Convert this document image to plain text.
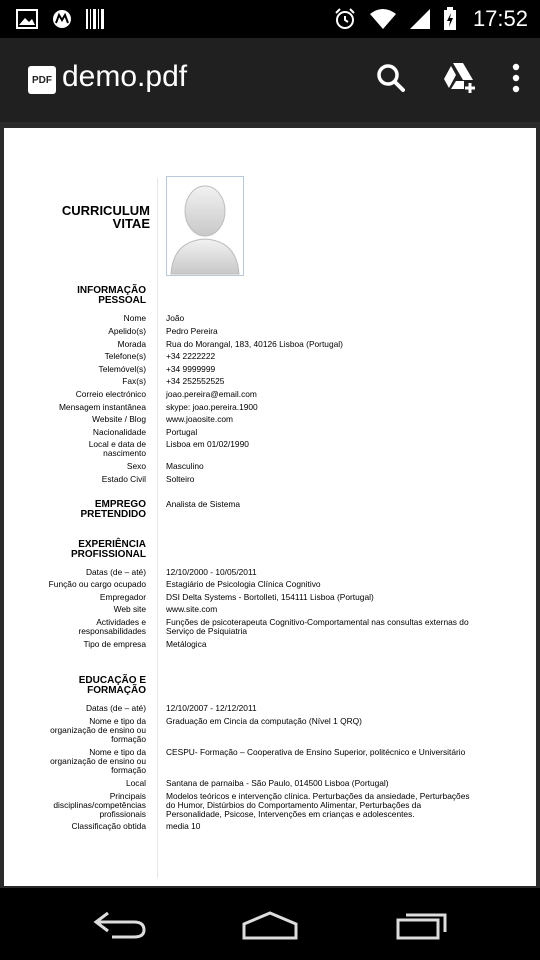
17:52
PDF demo.pdf
CURRICULUM
VITAE
INFORMAÇÃO
PESSOAL
Nome João
Apelido(s) Pedro Pereira
Morada Rua do Morangal, 183, 40126 Lisboa (Portugal)
Telefone(s) +34 2222222
Telemóvel(s) +34 9999999
Fax(s) +34 252552525
Correio electrónico joao.pereira@email.com
Mensagem instantânea skype: joao.pereira.1900
Website / Blog www.joaosite.com
Nacionalidade Portugal
Local e data de Lisboa em 01/02/1990
nascimento
Sexo Masculino
Estado Civil Solteiro
EMPREGO
PRETENDIDO
Analista de Sistema
EXPERIÊNCIA
PROFISSIONAL
Datas (de – até) 12/10/2000 - 10/05/2011
Função ou cargo ocupado Estagiário de Psicologia Clínica Cognitivo
Empregador DSI Delta Systems - Bortolleti, 154111 Lisboa (Portugal)
Web site www.site.com
Actividades e Funções de psicoterapeuta Cognitivo-Comportamental nas consultas externas do
responsabilidades Serviço de Psiquiatria
Tipo de empresa Metálogica
EDUCAÇÃO E
FORMAÇÃO
Datas (de – até) 12/10/2007 - 12/12/2011
Nome e tipo da Graduação em Cincia da computação (Nível 1 QRQ)
organização de ensino ou
formação
Nome e tipo da CESPU- Formação – Cooperativa de Ensino Superior, politécnico e Universitário
organização de ensino ou
formação
Local Santana de parnaiba - São Paulo, 014500 Lisboa (Portugal)
Principais Modelos teóricos e intervenção clínica. Perturbações da ansiedade, Perturbações
disciplinas/competências do Humor, Distúrbios do Comportamento Alimentar, Perturbações da
profissionais Personalidade, Psicose, Intervenções em crianças e adolescentes.
Classificação obtida media 10
